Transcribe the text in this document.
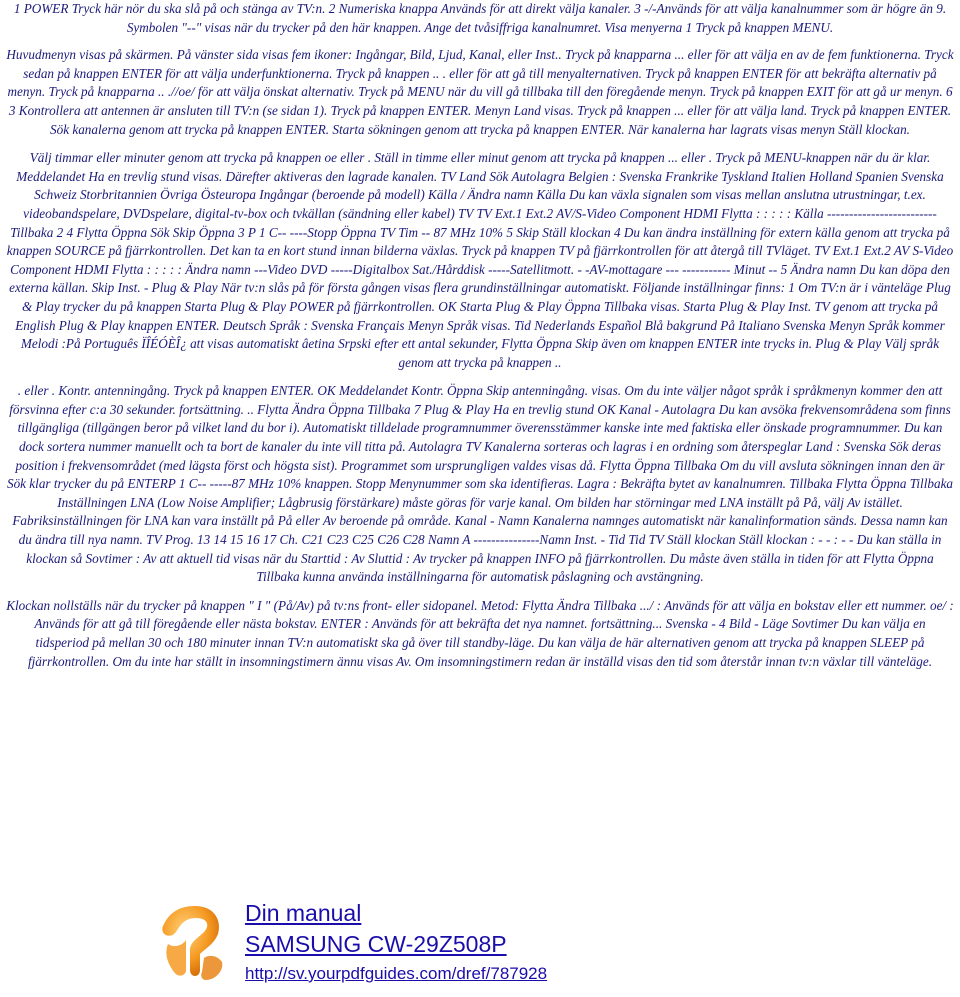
1 POWER Tryck här nör du ska slå på och stänga av TV:n. 2 Numeriska knappa Används för att direkt välja kanaler. 3 -/-Används för att välja kanalnummer som är högre än 9. Symbolen "--" visas när du trycker på den här knappen. Ange det tvåsiffriga kanalnumret. Visa menyerna 1 Tryck på knappen MENU.

Huvudmenyn visas på skärmen. På vänster sida visas fem ikoner: Ingångar, Bild, Ljud, Kanal, eller Inst.. Tryck på knapparna ... eller för att välja en av de fem funktionerna. Tryck sedan på knappen ENTER för att välja underfunktionerna. Tryck på knappen .. . eller för att gå till menyalternativen. Tryck på knappen ENTER för att bekräfta alternativ på menyn. Tryck på knapparna .. .//oe/ för att välja önskat alternativ. Tryck på MENU när du vill gå tillbaka till den föregående menyn. Tryck på knappen EXIT för att gå ur menyn. 6 3 Kontrollera att antennen är ansluten till TV:n (se sidan 1). Tryck på knappen ENTER. Menyn Land visas. Tryck på knappen ... eller för att välja land. Tryck på knappen ENTER. Sök kanalerna genom att trycka på knappen ENTER. Starta sökningen genom att trycka på knappen ENTER. När kanalerna har lagrats visas menyn Ställ klockan.

Välj timmar eller minuter genom att trycka på knappen oe eller . Ställ in timme eller minut genom att trycka på knappen ... eller . Tryck på MENU-knappen när du är klar. Meddelandet Ha en trevlig stund visas. Därefter aktiveras den lagrade kanalen. TV Land Sök Autolagra Belgien : Svenska Frankrike Tyskland Italien Holland Spanien Svenska Schweiz Storbritannien Övriga Östeuropa Ingångar (beroende på modell) Källa / Ändra namn Källa Du kan växla signalen som visas mellan anslutna utrustningar, t.ex. videobandspelare, DVDspelare, digital-tv-box och tvkällan (sändning eller kabel) TV TV Ext.1 Ext.2 AV/S-Video Component HDMI Flytta : : : : : Källa -------------------------Tillbaka 2 4 Flytta Öppna Sök Skip Öppna 3 P 1 C-- ----Stopp Öppna TV Tim -- 87 MHz 10% 5 Skip Ställ klockan 4 Du kan ändra inställning för extern källa genom att trycka på knappen SOURCE på fjärrkontrollen. Det kan ta en kort stund innan bilderna växlas. Tryck på knappen TV på fjärrkontrollen för att återgå till TVläget. TV Ext.1 Ext.2 AV S-Video Component HDMI Flytta : : : : : Ändra namn ---Video DVD -----Digitalbox Sat./Hårddisk -----Satellitmott. - -AV-mottagare --- ----------- Minut -- 5 Ändra namn Du kan döpa den externa källan. Skip Inst. - Plug & Play När tv:n slås på för första gången visas flera grundinställningar automatiskt. Följande inställningar finns: 1 Om TV:n är i vänteläge Plug & Play trycker du på knappen Starta Plug & Play POWER på fjärrkontrollen. OK Starta Plug & Play Öppna Tillbaka visas. Starta Plug & Play Inst. TV genom att trycka på English Plug & Play knappen ENTER. Deutsch Språk : Svenska Français Menyn Språk visas. Tid Nederlands Español Blå bakgrund På Italiano Svenska Menyn Språk kommer Melodi :På Português ÏÎÉÓÈÎ¿ att visas automatiskt âetina Srpski efter ett antal sekunder, Flytta Öppna Skip även om knappen ENTER inte trycks in. Plug & Play Välj språk genom att trycka på knappen ..

. eller . Kontr. antenningång. Tryck på knappen ENTER. OK Meddelandet Kontr. Öppna Skip antenningång. visas. Om du inte väljer något språk i språkmenyn kommer den att försvinna efter c:a 30 sekunder. fortsättning. .. Flytta Ändra Öppna Tillbaka 7 Plug & Play Ha en trevlig stund OK Kanal - Autolagra Du kan avsöka frekvensområdena som finns tillgängliga (tillgängen beror på vilket land du bor i). Automatiskt tilldelade programnummer överensstämmer kanske inte med faktiska eller önskade programnummer. Du kan dock sortera nummer manuellt och ta bort de kanaler du inte vill titta på. Autolagra TV Kanalerna sorteras och lagras i en ordning som återspeglar Land : Svenska Sök deras position i frekvensområdet (med lägsta först och högsta sist). Programmet som ursprungligen valdes visas då. Flytta Öppna Tillbaka Om du vill avsluta sökningen innan den är Sök klar trycker du på ENTERP 1 C-- -----87 MHz 10% knappen. Stopp Menynummer som ska identifieras. Lagra : Bekräfta bytet av kanalnumren. Tillbaka Flytta Öppna Tillbaka Inställningen LNA (Low Noise Amplifier; Lågbrusig förstärkare) måste göras för varje kanal. Om bilden har störningar med LNA inställt på På, välj Av istället. Fabriksinställningen för LNA kan vara inställt på På eller Av beroende på område. Kanal - Namn Kanalerna namnges automatiskt när kanalinformation sänds. Dessa namn kan du ändra till nya namn. TV Prog. 13 14 15 16 17 Ch. C21 C23 C25 C26 C28 Namn A ---------------Namn Inst. - Tid Tid TV Ställ klockan Ställ klockan : - - : - - Du kan ställa in klockan så Sovtimer : Av att aktuell tid visas när du Starttid : Av Sluttid : Av trycker på knappen INFO på fjärrkontrollen. Du måste även ställa in tiden för att Flytta Öppna Tillbaka kunna använda inställningarna för automatisk påslagning och avstängning.

Klockan nollställs när du trycker på knappen " I " (På/Av) på tv:ns front- eller sidopanel. Metod: Flytta Ändra Tillbaka .../ : Används för att välja en bokstav eller ett nummer. oe/ : Används för att gå till föregående eller nästa bokstav. ENTER : Används för att bekräfta det nya namnet. fortsättning... Svenska - 4 Bild - Läge Sovtimer Du kan välja en tidsperiod på mellan 30 och 180 minuter innan TV:n automatiskt ska gå över till standby-läge. Du kan välja de här alternativen genom att trycka på knappen SLEEP på fjärrkontrollen. Om du inte har ställt in insomningstimern ännu visas Av. Om insomningstimern redan är inställd visas den tid som återstår innan tv:n växlar till vänteläge.

Din manual
SAMSUNG CW-29Z508P
http://sv.yourpdfguides.com/dref/787928
